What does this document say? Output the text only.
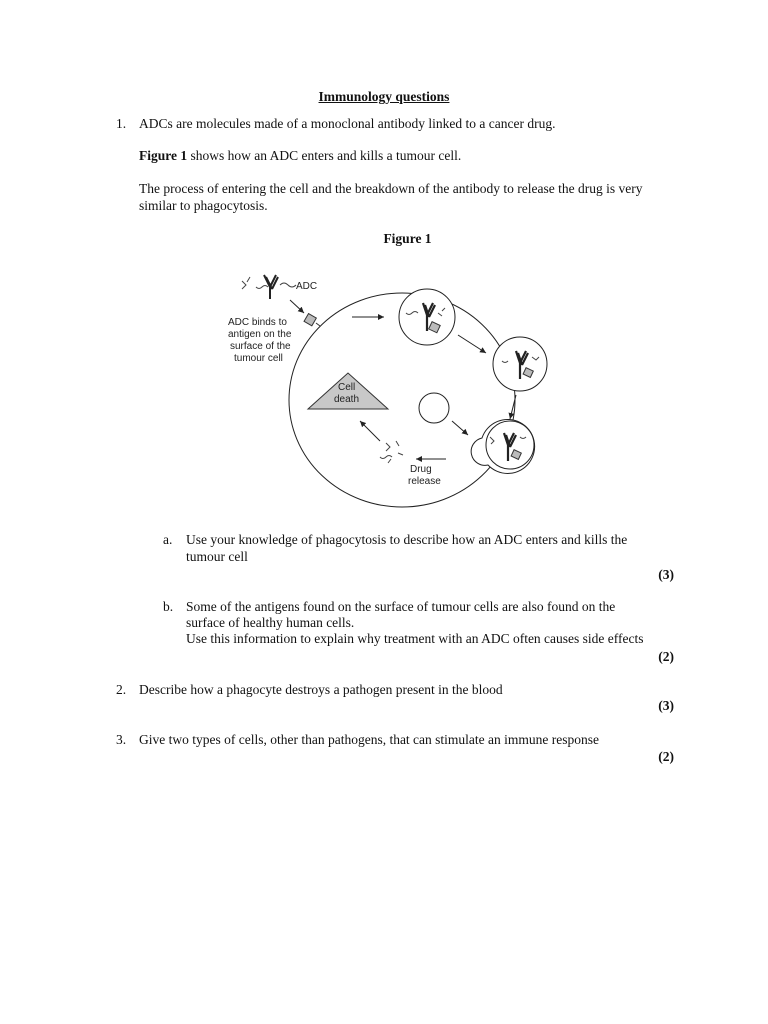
Immunology questions
1. ADCs are molecules made of a monoclonal antibody linked to a cancer drug.
Figure 1 shows how an ADC enters and kills a tumour cell.
The process of entering the cell and the breakdown of the antibody to release the drug is very
similar to phagocytosis.
Figure 1
ADC
ADC binds to
antigen on the
surface of the
tumour cell
Drug
release
Cell
death
a. Use your knowledge of phagocytosis to describe how an ADC enters and kills the
tumour cell
(3)
b. Some of the antigens found on the surface of tumour cells are also found on the
surface of healthy human cells.
Use this information to explain why treatment with an ADC often causes side effects
(2)
2. Describe how a phagocyte destroys a pathogen present in the blood
(3)
3. Give two types of cells, other than pathogens, that can stimulate an immune response
(2)
